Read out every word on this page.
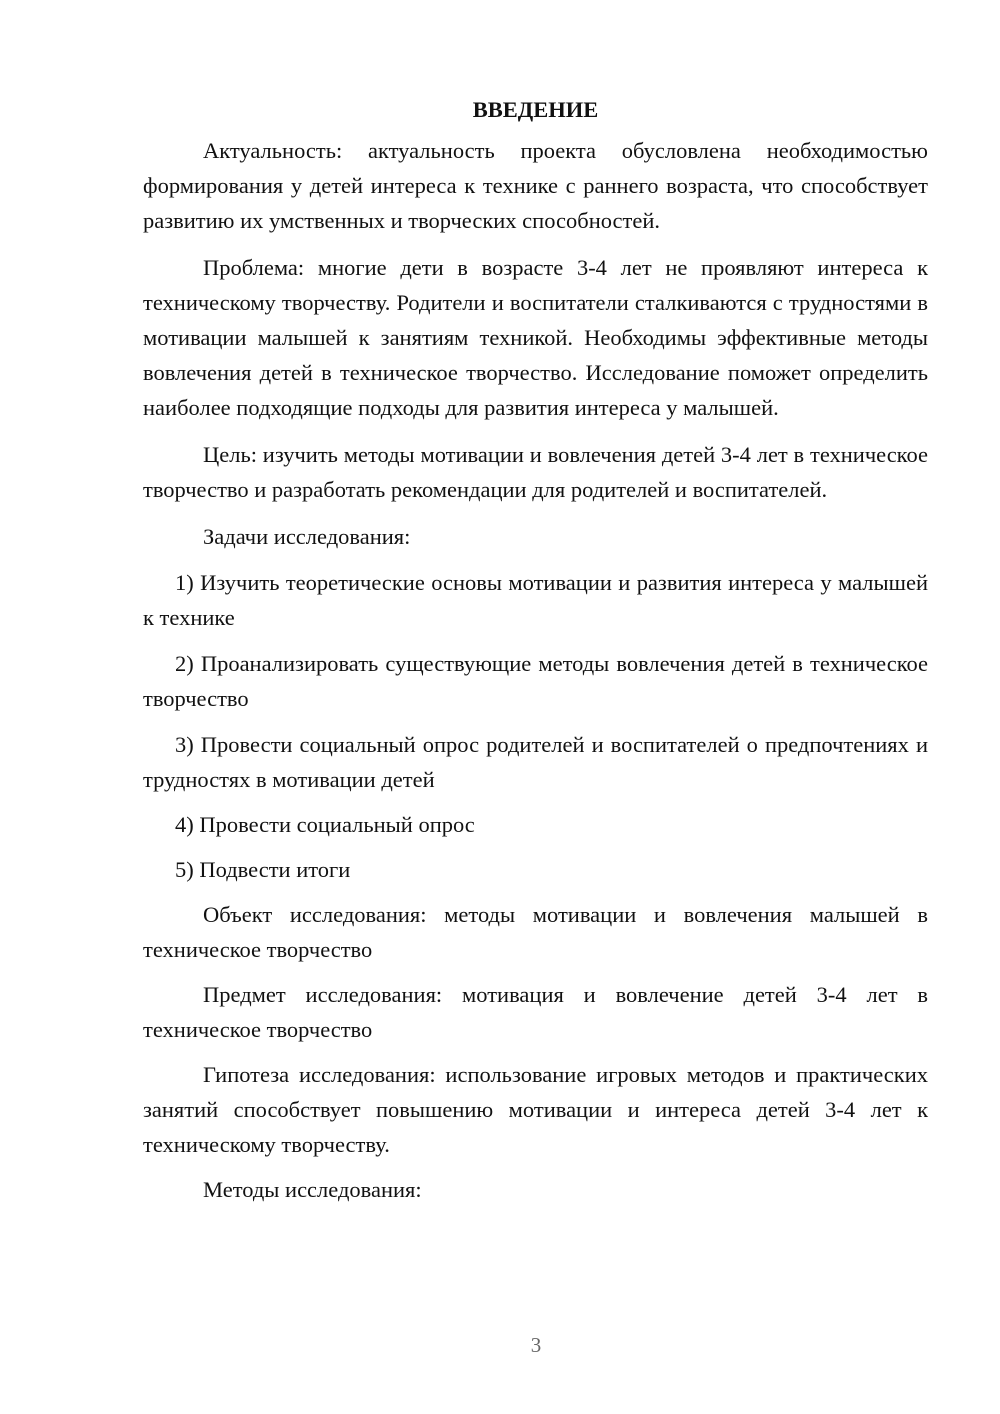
ВВЕДЕНИЕ

Актуальность: актуальность проекта обусловлена необходимостью формирования у детей интереса к технике с раннего возраста, что способствует развитию их умственных и творческих способностей.

Проблема: многие дети в возрасте 3-4 лет не проявляют интереса к техническому творчеству. Родители и воспитатели сталкиваются с трудностями в мотивации малышей к занятиям техникой. Необходимы эффективные методы вовлечения детей в техническое творчество. Исследование поможет определить наиболее подходящие подходы для развития интереса у малышей.

Цель: изучить методы мотивации и вовлечения детей 3-4 лет в техническое творчество и разработать рекомендации для родителей и воспитателей.

Задачи исследования:

1) Изучить теоретические основы мотивации и развития интереса у малышей к технике

2) Проанализировать существующие методы вовлечения детей в техническое творчество

3) Провести социальный опрос родителей и воспитателей о предпочтениях и трудностях в мотивации детей

4) Провести социальный опрос

5) Подвести итоги

Объект исследования: методы мотивации и вовлечения малышей в техническое творчество

Предмет исследования: мотивация и вовлечение детей 3-4 лет в техническое творчество

Гипотеза исследования: использование игровых методов и практических занятий способствует повышению мотивации и интереса детей 3-4 лет к техническому творчеству.

Методы исследования:

3
